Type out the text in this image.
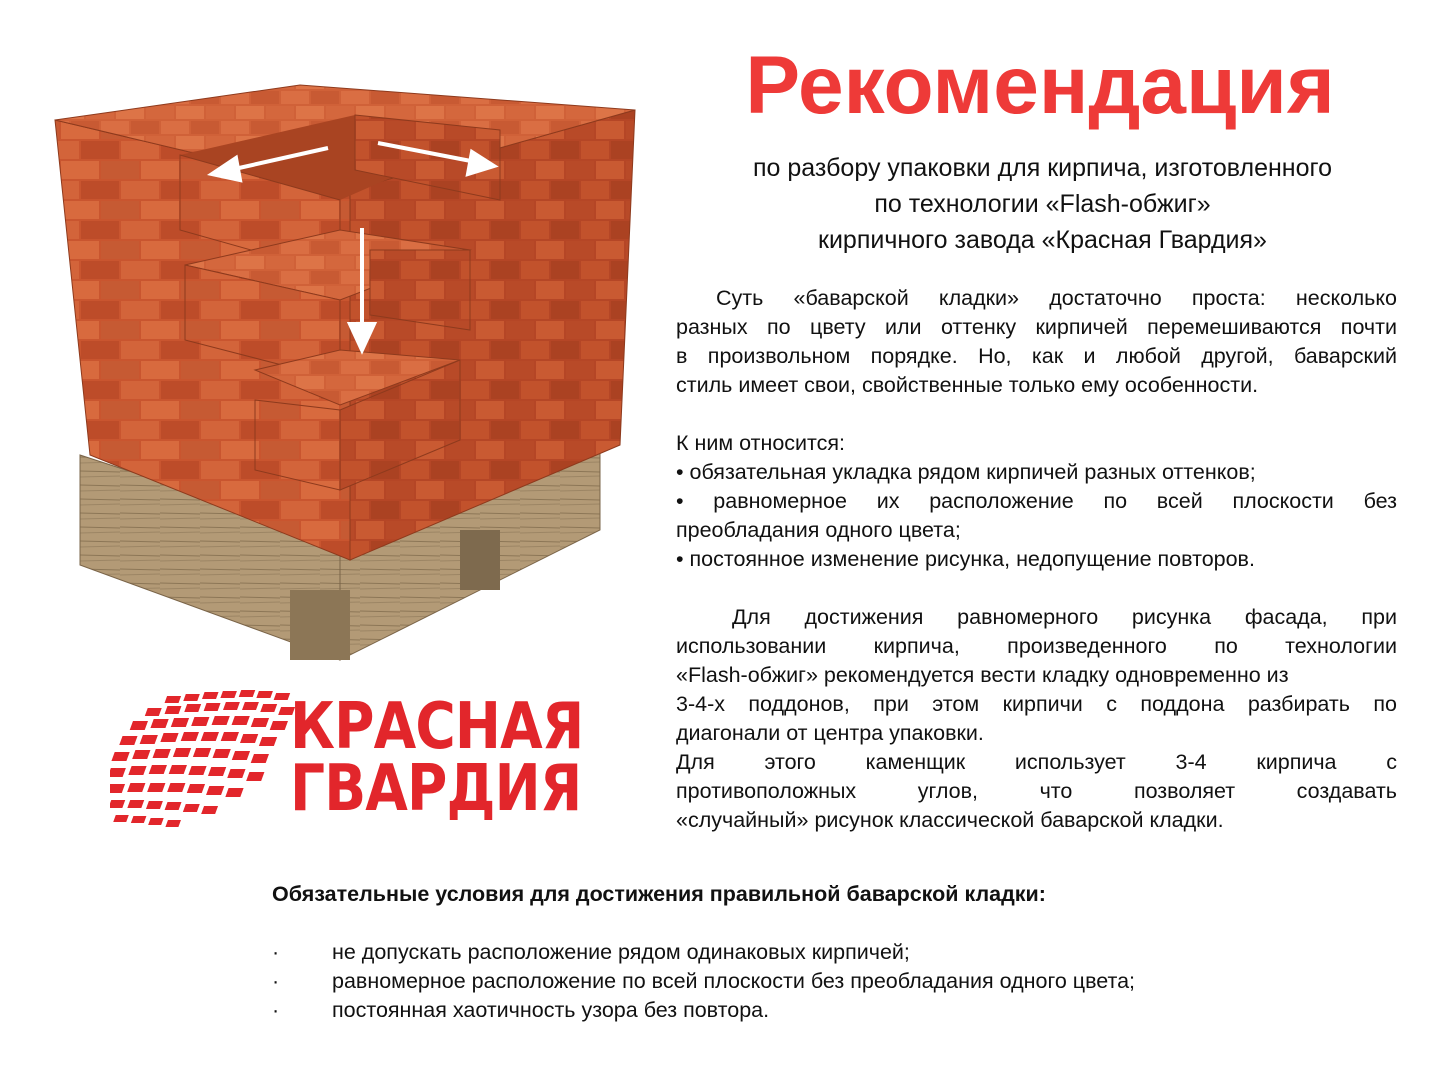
КРАСНАЯ
ГВАРДИЯ
Рекомендация
по разбору упаковки для кирпича, изготовленного
по технологии «Flash-обжиг»
кирпичного завода «Красная Гвардия»

Суть «баварской кладки» достаточно проста: несколько

разных по цвету или оттенку кирпичей перемешиваются почти

в произвольном порядке. Но, как и любой другой, баварский

стиль имеет свои, свойственные только ему особенности.

К ним относится:

• обязательная укладка рядом кирпичей разных оттенков;

• равномерное их расположение по всей плоскости без

преобладания одного цвета;

• постоянное изменение рисунка, недопущение повторов.

Для достижения равномерного рисунка фасада, при

использовании кирпича, произведенного по технологии

«Flash-обжиг» рекомендуется вести кладку одновременно из

3-4-х поддонов, при этом кирпичи с поддона разбирать по

диагонали от центра упаковки.

Для этого каменщик использует 3-4 кирпича с

противоположных углов, что позволяет создавать

«случайный» рисунок классической баварской кладки.

Обязательные условия для достижения правильной баварской кладки:
· не допускать расположение рядом одинаковых кирпичей;
· равномерное расположение по всей плоскости без преобладания одного цвета;
· постоянная хаотичность узора без повтора.
